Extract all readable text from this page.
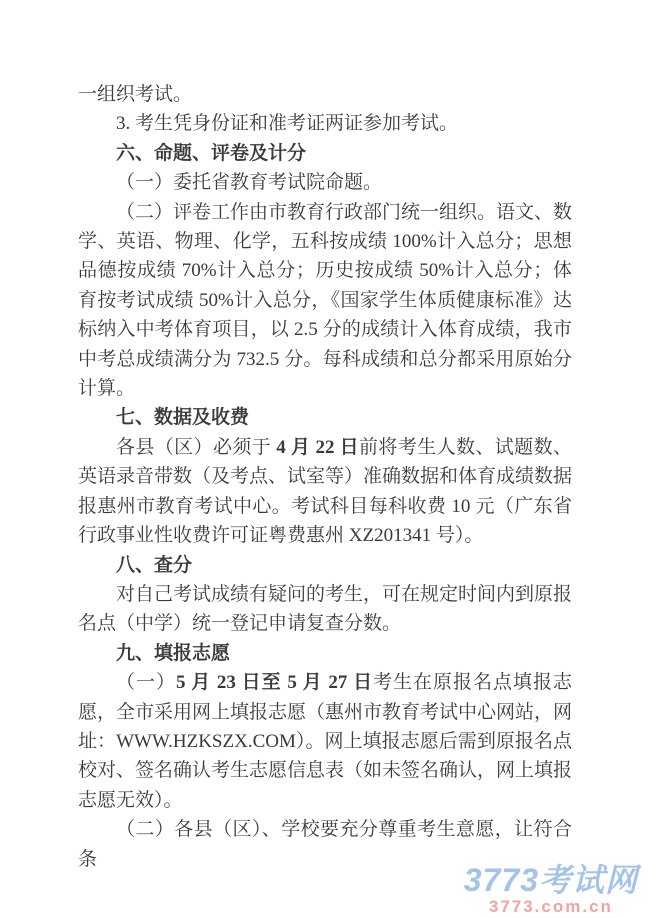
一组织考试。

3. 考生凭身份证和准考证两证参加考试。

六、命题、评卷及计分

（一）委托省教育考试院命题。

（二）评卷工作由市教育行政部门统一组织。语文、数学、英语、物理、化学，五科按成绩 100%计入总分；思想品德按成绩 70%计入总分；历史按成绩 50%计入总分；体育按考试成绩 50%计入总分，《国家学生体质健康标准》达标纳入中考体育项目，以 2.5 分的成绩计入体育成绩，我市中考总成绩满分为 732.5 分。每科成绩和总分都采用原始分计算。

七、数据及收费

各县（区）必须于 4 月 22 日前将考生人数、试题数、英语录音带数（及考点、试室等）准确数据和体育成绩数据报惠州市教育考试中心。考试科目每科收费 10 元（广东省行政事业性收费许可证粤费惠州 XZ201341 号）。

八、查分

对自己考试成绩有疑问的考生，可在规定时间内到原报名点（中学）统一登记申请复查分数。

九、填报志愿

（一）5 月 23 日至 5 月 27 日考生在原报名点填报志愿，全市采用网上填报志愿（惠州市教育考试中心网站，网址：WWW.HZKSZX.COM）。网上填报志愿后需到原报名点校对、签名确认考生志愿信息表（如未签名确认，网上填报志愿无效）。

（二）各县（区）、学校要充分尊重考生意愿，让符合条

3773考试网
3773.com.cn
